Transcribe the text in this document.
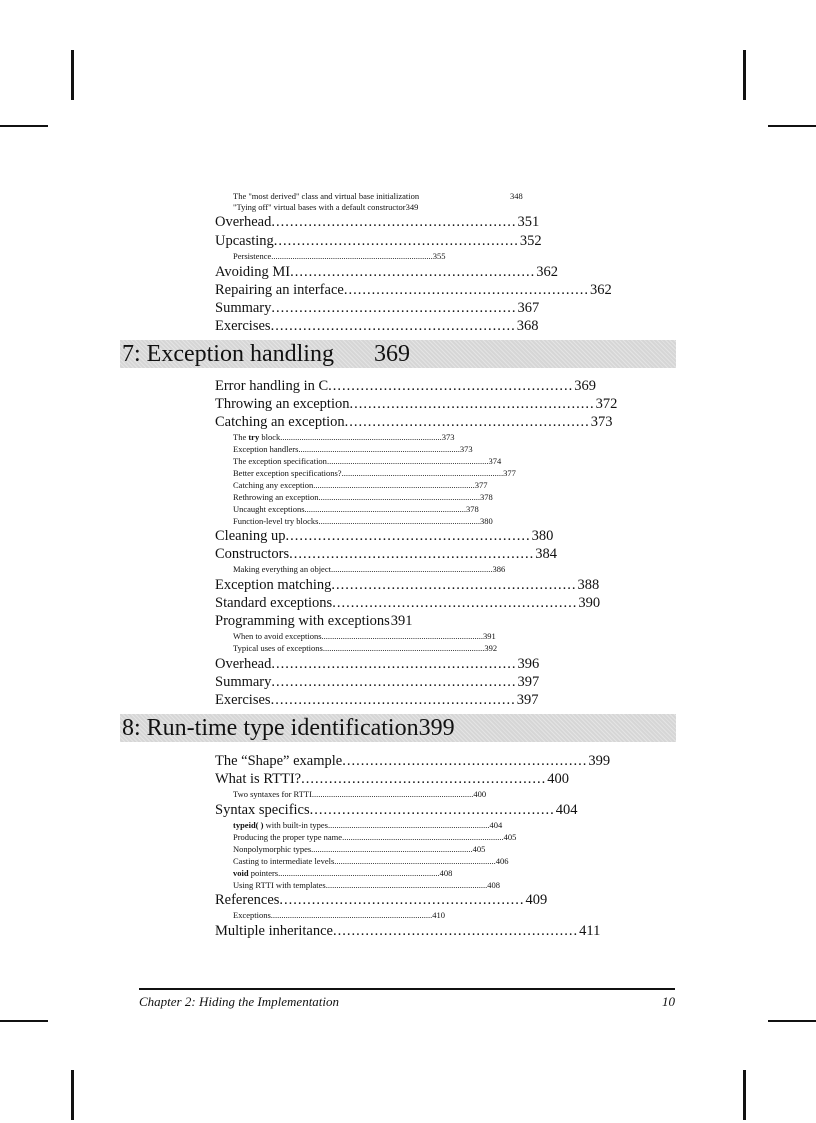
The "most derived" class and virtual base initialization	348
"Tying off" virtual bases with a default constructor349
Overhead ..................................................... 351
Upcasting ..................................................... 352
Persistence ............................................................................ 355
Avoiding MI ..................................................... 362
Repairing an interface ..................................................... 362
Summary ..................................................... 367
Exercises ..................................................... 368
7: Exception handling 369
Error handling in C ..................................................... 369
Throwing an exception ..................................................... 372
Catching an exception ..................................................... 373
The try block ............................................................................ 373
Exception handlers ............................................................................ 373
The exception specification ............................................................................ 374
Better exception specifications? ............................................................................ 377
Catching any exception ............................................................................ 377
Rethrowing an exception ............................................................................ 378
Uncaught exceptions ............................................................................ 378
Function-level try blocks ............................................................................ 380
Cleaning up ..................................................... 380
Constructors ..................................................... 384
Making everything an object ............................................................................ 386
Exception matching ..................................................... 388
Standard exceptions ..................................................... 390
Programming with exceptions 391
When to avoid exceptions ............................................................................ 391
Typical uses of exceptions ............................................................................ 392
Overhead ..................................................... 396
Summary ..................................................... 397
Exercises ..................................................... 397
8: Run-time type identification399
The “Shape” example ..................................................... 399
What is RTTI? ..................................................... 400
Two syntaxes for RTTI ............................................................................ 400
Syntax specifics ..................................................... 404
typeid( ) with built-in types ............................................................................ 404
Producing the proper type name ............................................................................ 405
Nonpolymorphic types ............................................................................ 405
Casting to intermediate levels ............................................................................ 406
void pointers ............................................................................ 408
Using RTTI with templates ............................................................................ 408
References ..................................................... 409
Exceptions ............................................................................ 410
Multiple inheritance ..................................................... 411
Chapter 2: Hiding the Implementation	10
